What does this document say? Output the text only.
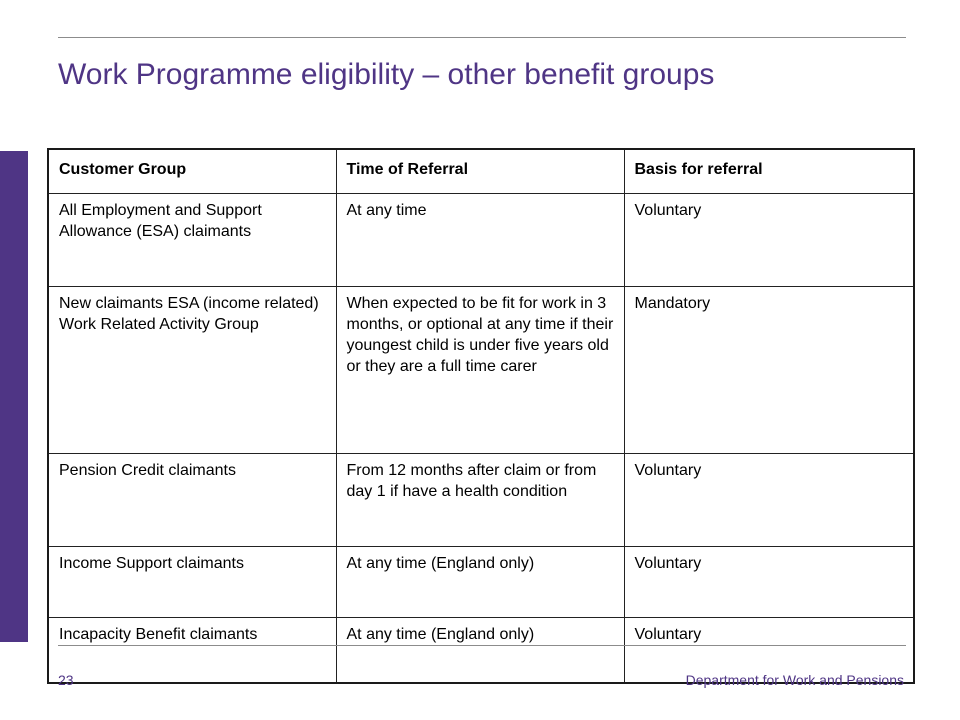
Work Programme eligibility – other benefit groups
Customer Group	Time of Referral	Basis for referral
All Employment and Support Allowance (ESA) claimants	At any time	Voluntary
New claimants ESA (income related) Work Related Activity Group	When expected to be fit for work in 3 months, or optional at any time if their youngest child is under five years old or they are a full time carer	Mandatory
Pension Credit claimants	From 12 months after claim or from day 1 if have a health condition	Voluntary
Income Support claimants	At any time (England only)	Voluntary
Incapacity Benefit claimants	At any time (England only)	Voluntary
23	Department for Work and Pensions
